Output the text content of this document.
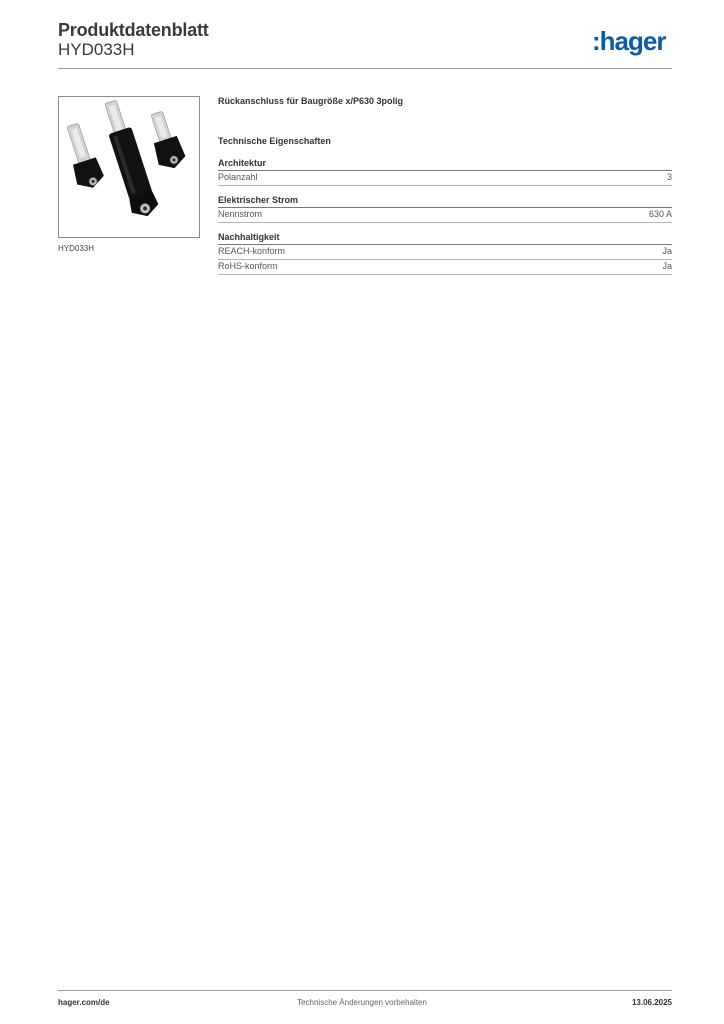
Produktdatenblatt
HYD033H	:hager
HYD033H
Rückanschluss für Baugröße x/P630 3polig
Technische Eigenschaften
Architektur
Polanzahl	3
Elektrischer Strom
Nennstrom	630 A
Nachhaltigkeit
REACH-konform	Ja
RoHS-konform	Ja
hager.com/de	Technische Änderungen vorbehalten	13.06.2025
